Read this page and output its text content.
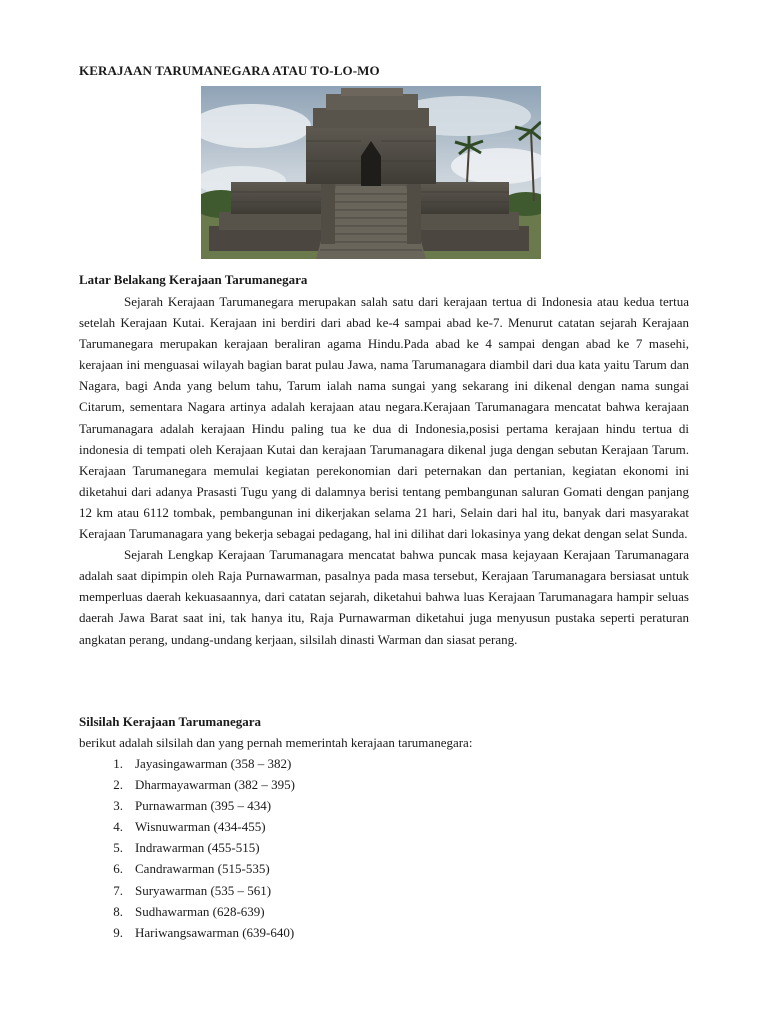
KERAJAAN TARUMANEGARA ATAU TO-LO-MO
Latar Belakang Kerajaan Tarumanegara

Sejarah Kerajaan Tarumanegara merupakan salah satu dari kerajaan tertua di Indonesia atau kedua tertua setelah Kerajaan Kutai. Kerajaan ini berdiri dari abad ke-4 sampai abad ke-7. Menurut catatan sejarah Kerajaan Tarumanegara merupakan kerajaan beraliran agama Hindu.Pada abad ke 4 sampai dengan abad ke 7 masehi, kerajaan ini menguasai wilayah bagian barat pulau Jawa, nama Tarumanagara diambil dari dua kata yaitu Tarum dan Nagara, bagi Anda yang belum tahu, Tarum ialah nama sungai yang sekarang ini dikenal dengan nama sungai Citarum, sementara Nagara artinya adalah kerajaan atau negara.Kerajaan Tarumanagara mencatat bahwa kerajaan Tarumanagara adalah kerajaan Hindu paling tua ke dua di Indonesia,posisi pertama kerajaan hindu tertua di indonesia di tempati oleh Kerajaan Kutai dan kerajaan Tarumanagara dikenal juga dengan sebutan Kerajaan Tarum. Kerajaan Tarumanegara memulai kegiatan perekonomian dari peternakan dan pertanian, kegiatan ekonomi ini diketahui dari adanya Prasasti Tugu yang di dalamnya berisi tentang pembangunan saluran Gomati dengan panjang 12 km atau 6112 tombak, pembangunan ini dikerjakan selama 21 hari, Selain dari hal itu, banyak dari masyarakat Kerajaan Tarumanagara yang bekerja sebagai pedagang, hal ini dilihat dari lokasinya yang dekat dengan selat Sunda.

Sejarah Lengkap Kerajaan Tarumanagara mencatat bahwa puncak masa kejayaan Kerajaan Tarumanagara adalah saat dipimpin oleh Raja Purnawarman, pasalnya pada masa tersebut, Kerajaan Tarumanagara bersiasat untuk memperluas daerah kekuasaannya, dari catatan sejarah, diketahui bahwa luas Kerajaan Tarumanagara hampir seluas daerah Jawa Barat saat ini, tak hanya itu, Raja Purnawarman diketahui juga menyusun pustaka seperti peraturan angkatan perang, undang-undang kerjaan, silsilah dinasti Warman dan siasat perang.

Silsilah Kerajaan Tarumanegara
berikut adalah silsilah dan yang pernah memerintah kerajaan tarumanegara:
1. Jayasingawarman (358 – 382)
2. Dharmayawarman (382 – 395)
3. Purnawarman (395 – 434)
4. Wisnuwarman (434-455)
5. Indrawarman (455-515)
6. Candrawarman (515-535)
7. Suryawarman (535 – 561)
8. Sudhawarman (628-639)
9. Hariwangsawarman (639-640)
